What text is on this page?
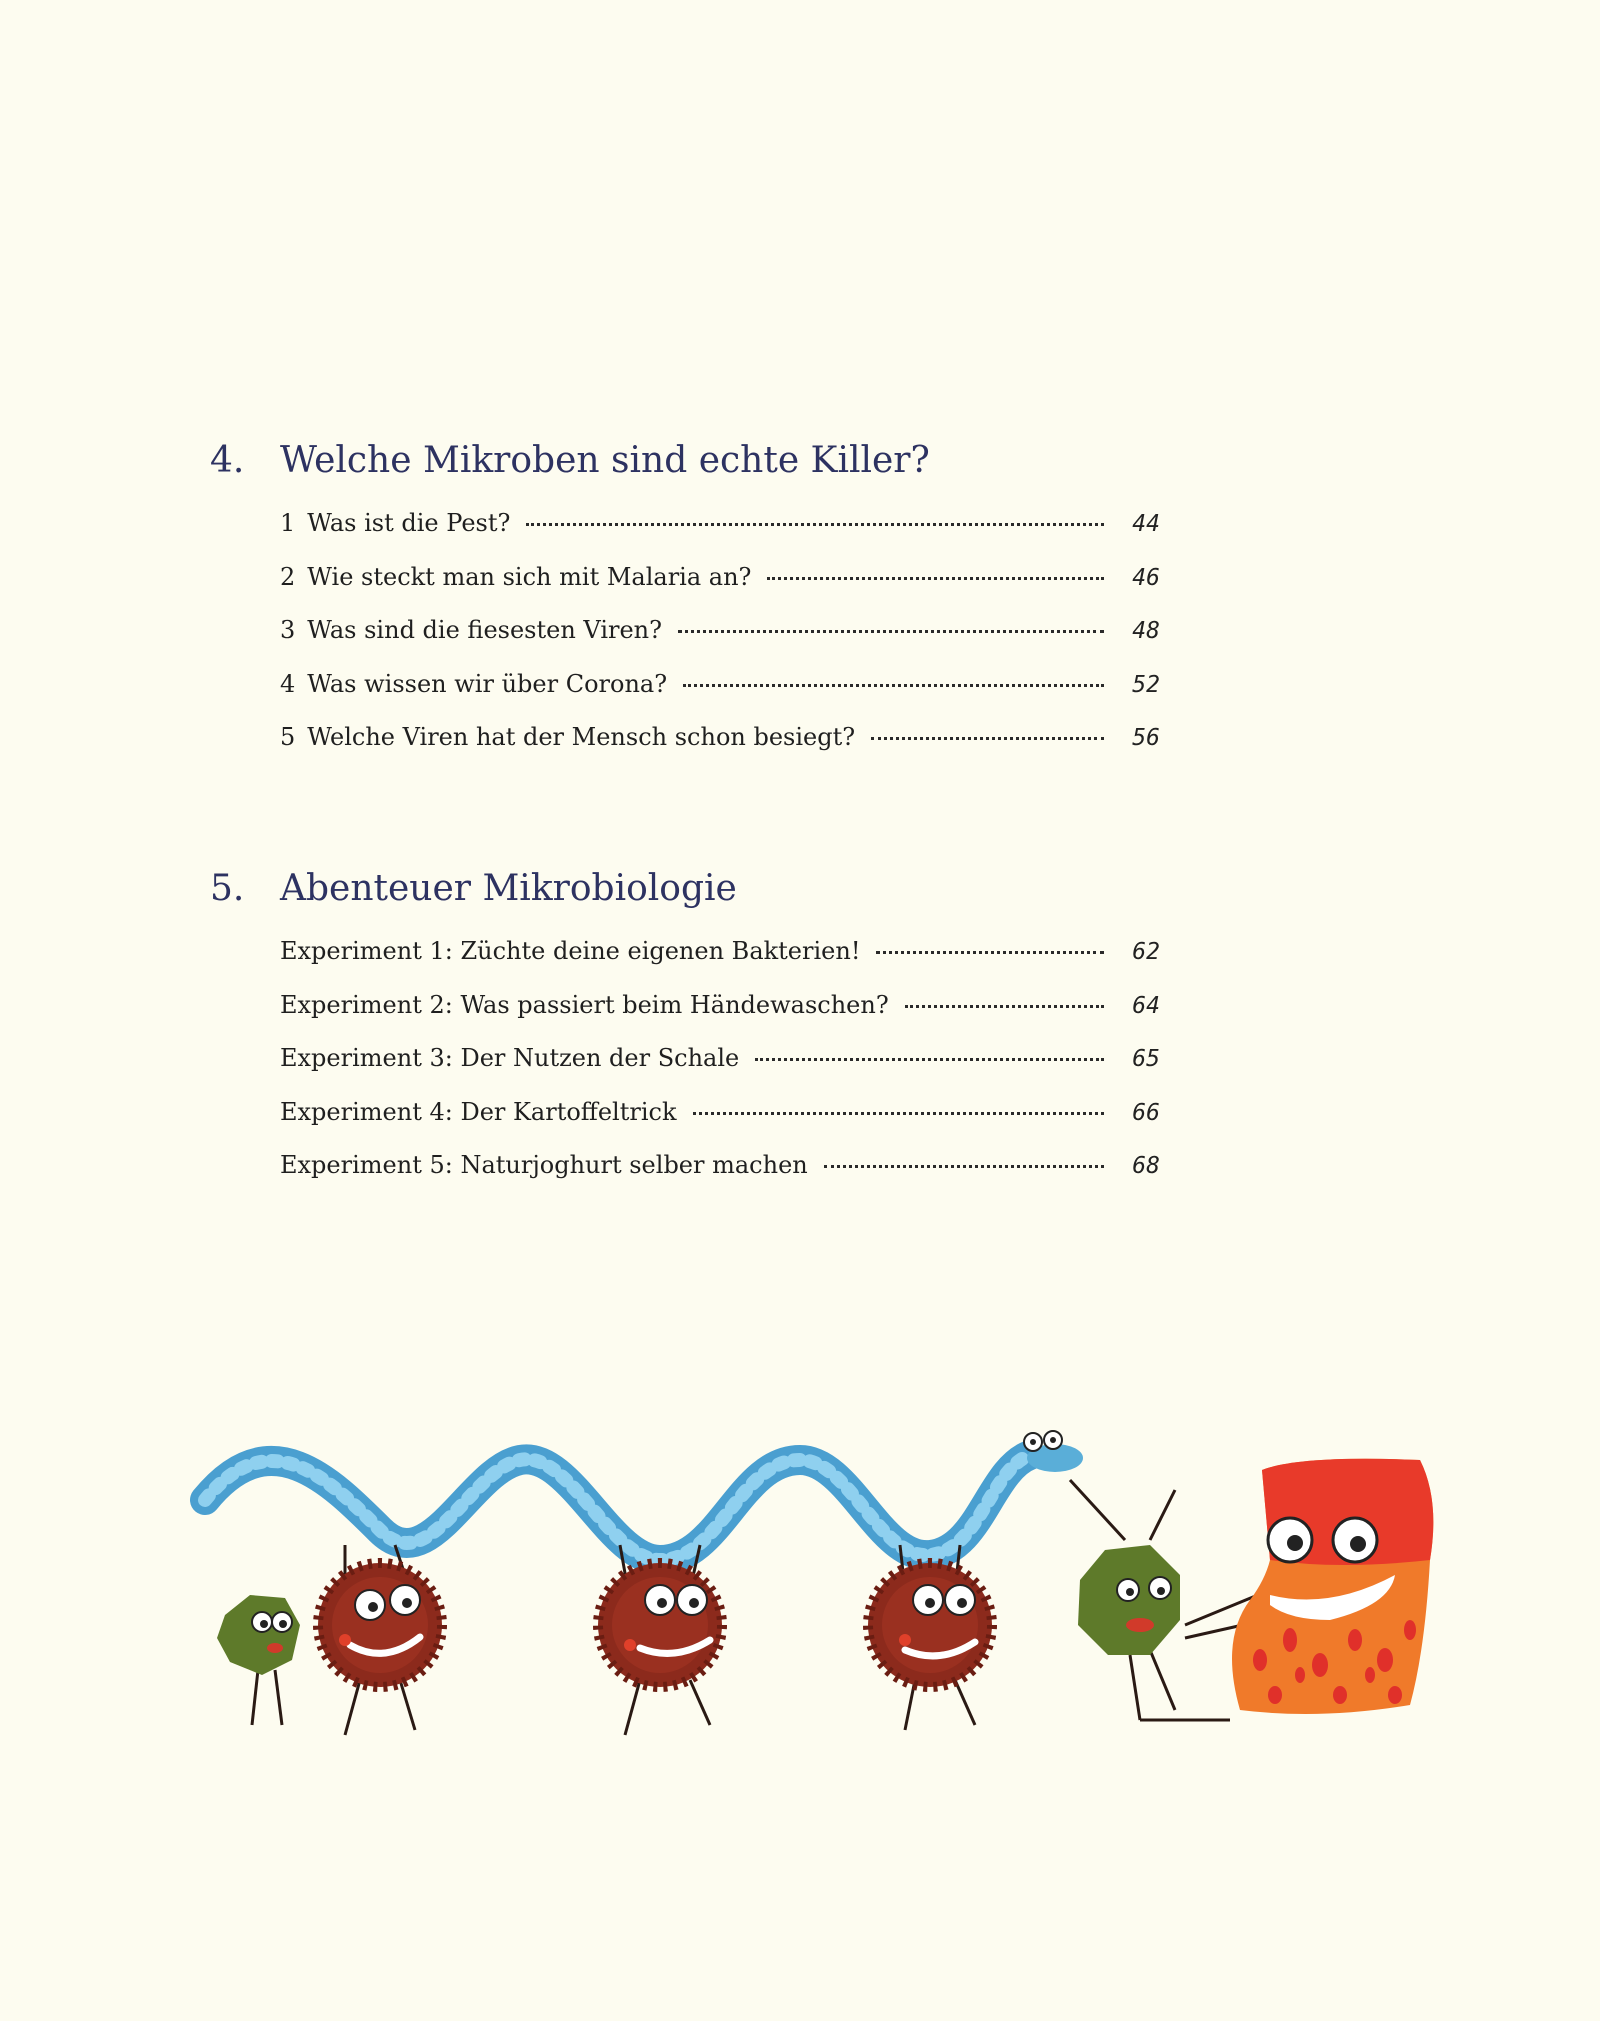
4. Welche Mikroben sind echte Killer?
1 Was ist die Pest?	44
2 Wie steckt man sich mit Malaria an?	46
3 Was sind die fiesesten Viren?	48
4 Was wissen wir über Corona?	52
5 Welche Viren hat der Mensch schon besiegt?	56
5. Abenteuer Mikrobiologie
Experiment 1: Züchte deine eigenen Bakterien!	62
Experiment 2: Was passiert beim Händewaschen?	64
Experiment 3: Der Nutzen der Schale	65
Experiment 4: Der Kartoffeltrick	66
Experiment 5: Naturjoghurt selber machen	68
